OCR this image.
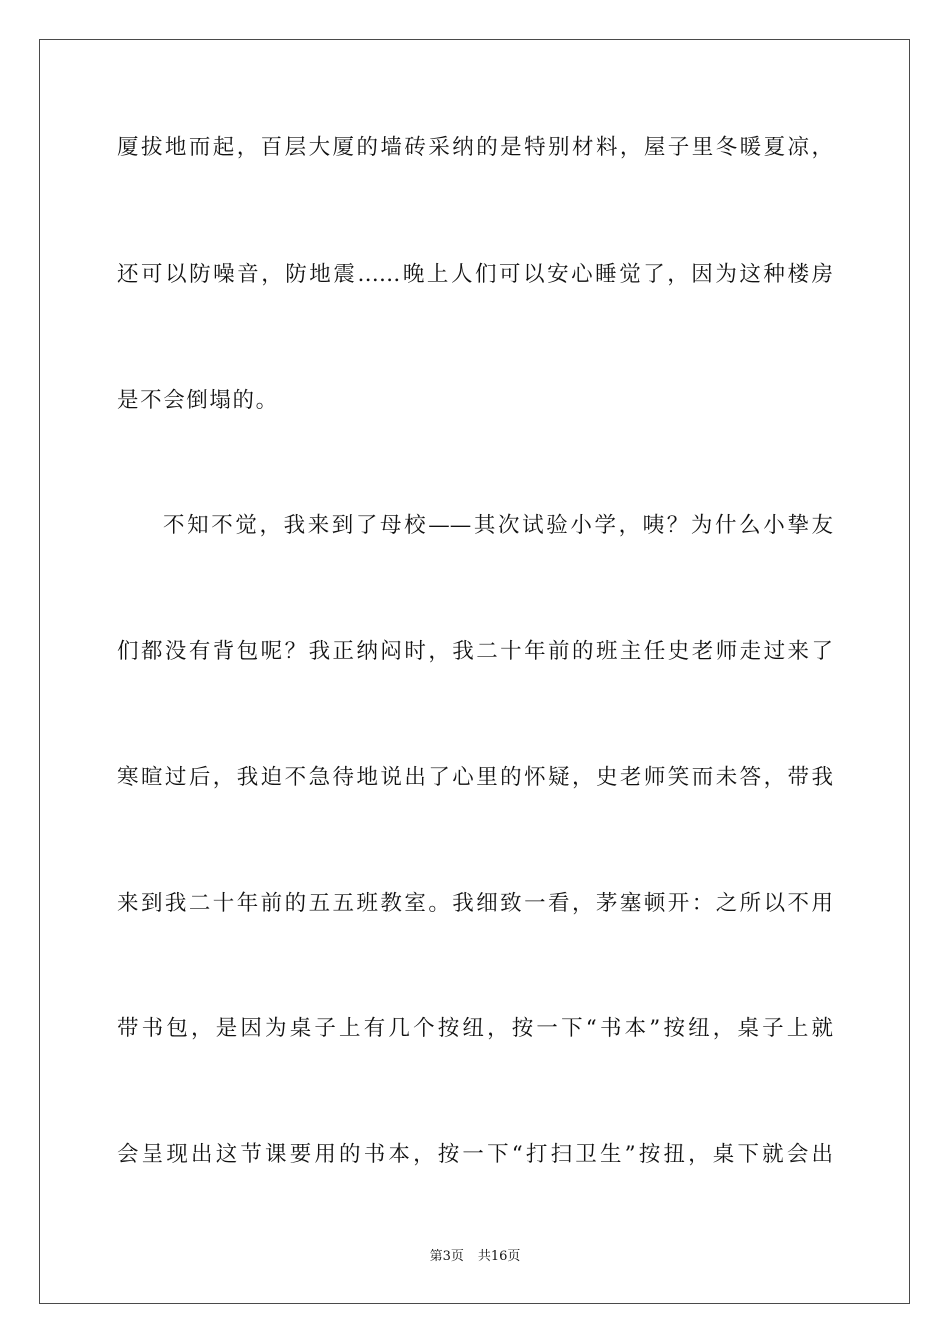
厦拔地而起，百层大厦的墙砖采纳的是特别材料，屋子里冬暖夏凉，
还可以防噪音，防地震……晚上人们可以安心睡觉了，因为这种楼房
是不会倒塌的。
不知不觉，我来到了母校——其次试验小学，咦？为什么小挚友
们都没有背包呢？我正纳闷时，我二十年前的班主任史老师走过来了
寒暄过后，我迫不急待地说出了心里的怀疑，史老师笑而未答，带我
来到我二十年前的五五班教室。我细致一看，茅塞顿开：之所以不用
带书包，是因为桌子上有几个按纽，按一下“书本”按纽，桌子上就
会呈现出这节课要用的书本，按一下“打扫卫生”按扭，桌下就会出
第3页 共16页
